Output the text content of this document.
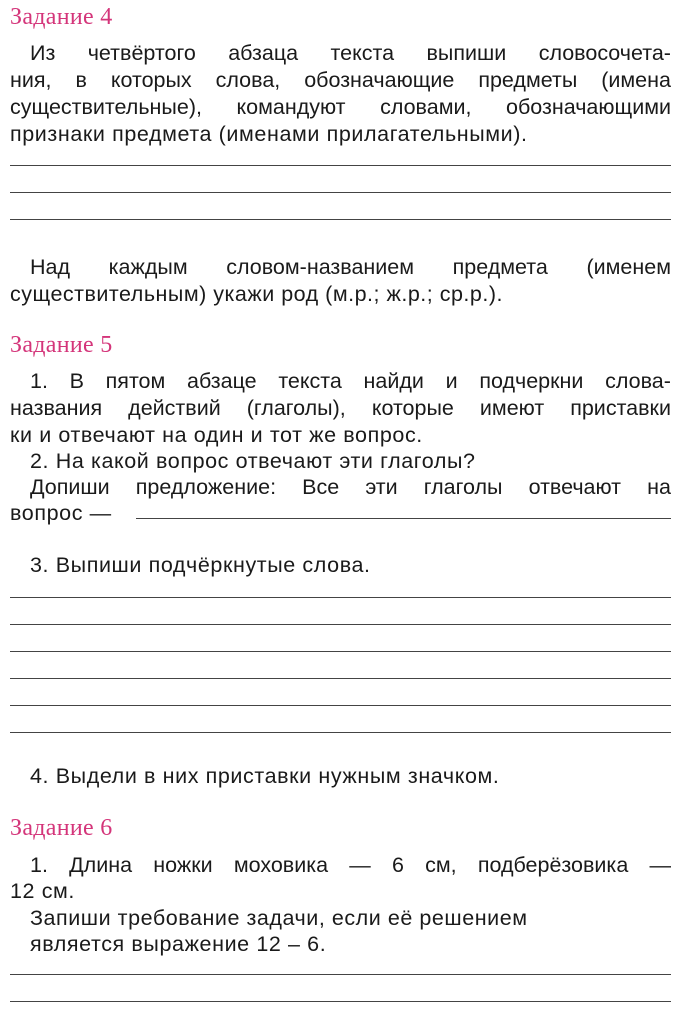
Задание 4
Из четвёртого абзаца текста выпиши словосочета-
ния, в которых слова, обозначающие предметы (имена
существительные), командуют словами, обозначающими
признаки предмета (именами прилагательными).
Над каждым словом-названием предмета (именем
существительным) укажи род (м.р.; ж.р.; ср.р.).
Задание 5
1. В пятом абзаце текста найди и подчеркни слова-
названия действий (глаголы), которые имеют приставки
ки и отвечают на один и тот же вопрос.
2. На какой вопрос отвечают эти глаголы?
Допиши предложение: Все эти глаголы отвечают на
вопрос —
3. Выпиши подчёркнутые слова.
4. Выдели в них приставки нужным значком.
Задание 6
1. Длина ножки моховика — 6 см, подберёзовика —
12 см.
Запиши требование задачи, если её решением
является выражение 12 – 6.
